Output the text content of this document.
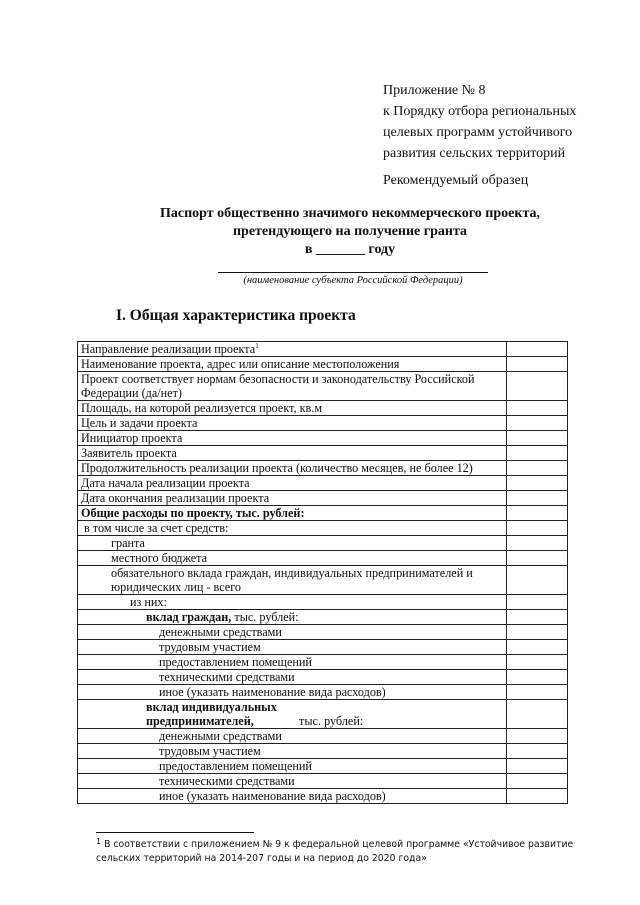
Приложение № 8
к Порядку отбора региональных
целевых программ устойчивого
развития сельских территорий
Рекомендуемый образец
Паспорт общественно значимого некоммерческого проекта,
претендующего на получение гранта
в _______ году
(наименование субъекта Российской Федерации)
I. Общая характеристика проекта
Направление реализации проекта$^1$	
Наименование проекта, адрес или описание местоположения	
Проект соответствует нормам безопасности и законодательству Российской Федерации (да/нет)	
Площадь, на которой реализуется проект, кв.м	
Цель и задачи проекта	
Инициатор проекта	
Заявитель проекта	
Продолжительность реализации проекта (количество месяцев, не более 12)	
Дата начала реализации проекта	
Дата окончания реализации проекта	
Общие расходы по проекту, тыс. рублей:	
в том числе за счет средств:	
гранта	
местного бюджета	
обязательного вклада граждан, индивидуальных предпринимателей и юридических лиц - всего	
из них:	
вклад граждан, тыс. рублей:	
денежными средствами	
трудовым участием	
предоставлением помещений	
техническими средствами	
иное (указать наименование вида расходов)	
вклад индивидуальных предпринимателей, тыс. рублей:	
денежными средствами	
трудовым участием	
предоставлением помещений	
техническими средствами	
иное (указать наименование вида расходов)	
$^1$ В соответствии с приложением № 9 к федеральной целевой программе «Устойчивое развитие сельских территорий на 2014-207 годы и на период до 2020 года»
